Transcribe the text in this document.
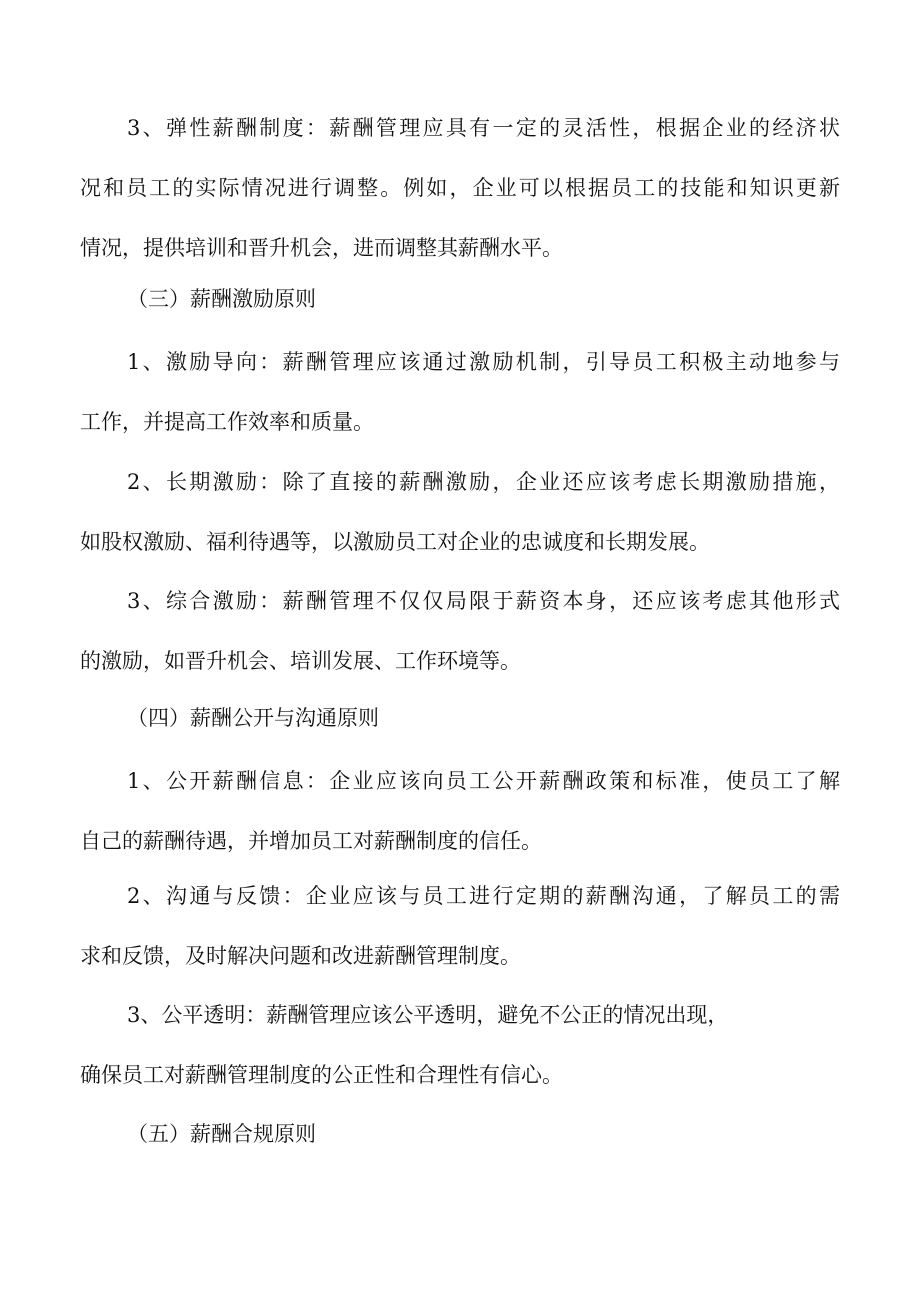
3、弹性薪酬制度：薪酬管理应具有一定的灵活性，根据企业的经济状
况和员工的实际情况进行调整。例如，企业可以根据员工的技能和知识更新
情况，提供培训和晋升机会，进而调整其薪酬水平。
（三）薪酬激励原则
1、激励导向：薪酬管理应该通过激励机制，引导员工积极主动地参与
工作，并提高工作效率和质量。
2、长期激励：除了直接的薪酬激励，企业还应该考虑长期激励措施，
如股权激励、福利待遇等，以激励员工对企业的忠诚度和长期发展。
3、综合激励：薪酬管理不仅仅局限于薪资本身，还应该考虑其他形式
的激励，如晋升机会、培训发展、工作环境等。
（四）薪酬公开与沟通原则
1、公开薪酬信息：企业应该向员工公开薪酬政策和标准，使员工了解
自己的薪酬待遇，并增加员工对薪酬制度的信任。
2、沟通与反馈：企业应该与员工进行定期的薪酬沟通，了解员工的需
求和反馈，及时解决问题和改进薪酬管理制度。
3、公平透明：薪酬管理应该公平透明，避免不公正的情况出现，
确保员工对薪酬管理制度的公正性和合理性有信心。
（五）薪酬合规原则
